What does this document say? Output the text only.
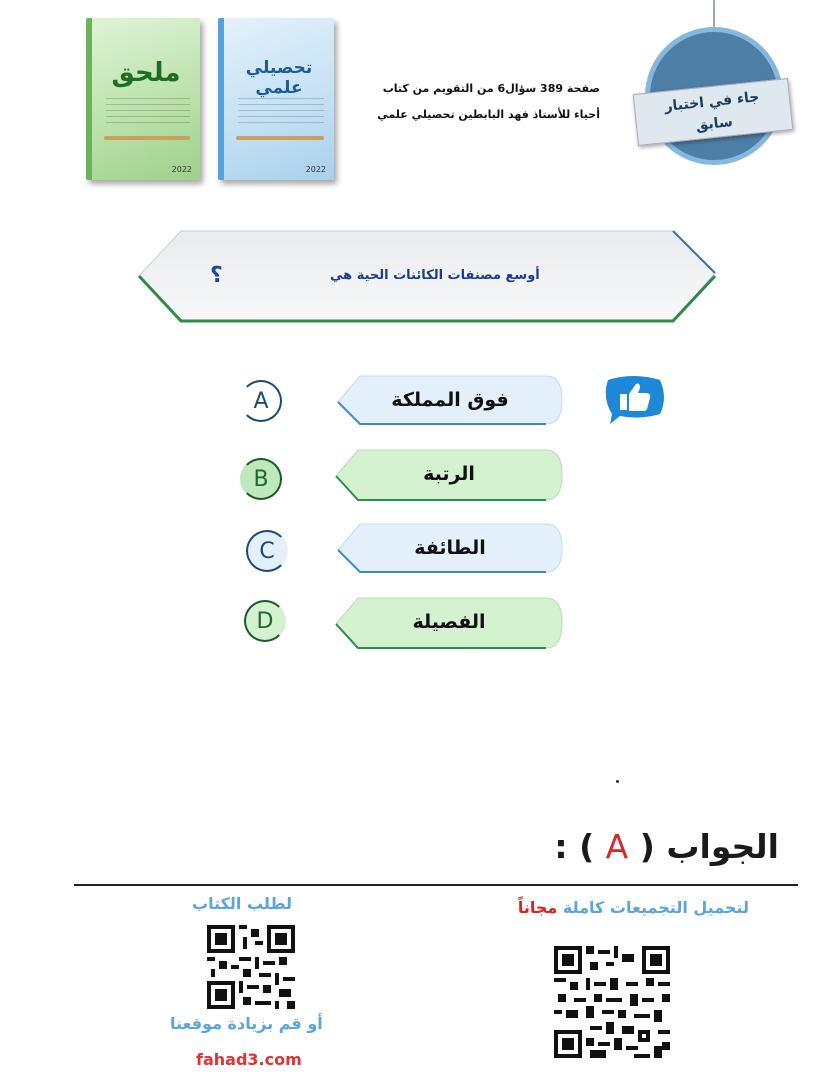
ملحق
2022
تحصيلي علمي
2022
صفحة 389 سؤال6 من التقويم من كتاب
أحياء للأستاذ فهد البابطين تحصيلي علمي	جاء في اختبار
سابق
أوسع مصنفات الكائنات الحية هي
؟
فوق المملكة
A
الرتبة
B
الطائفة
C
الفصيلة
D
الجواب ( A ) :
لتحميل التجميعات كاملة مجاناً
لطلب الكتاب
أو قم بزيادة موقعنا
fahad3.com
